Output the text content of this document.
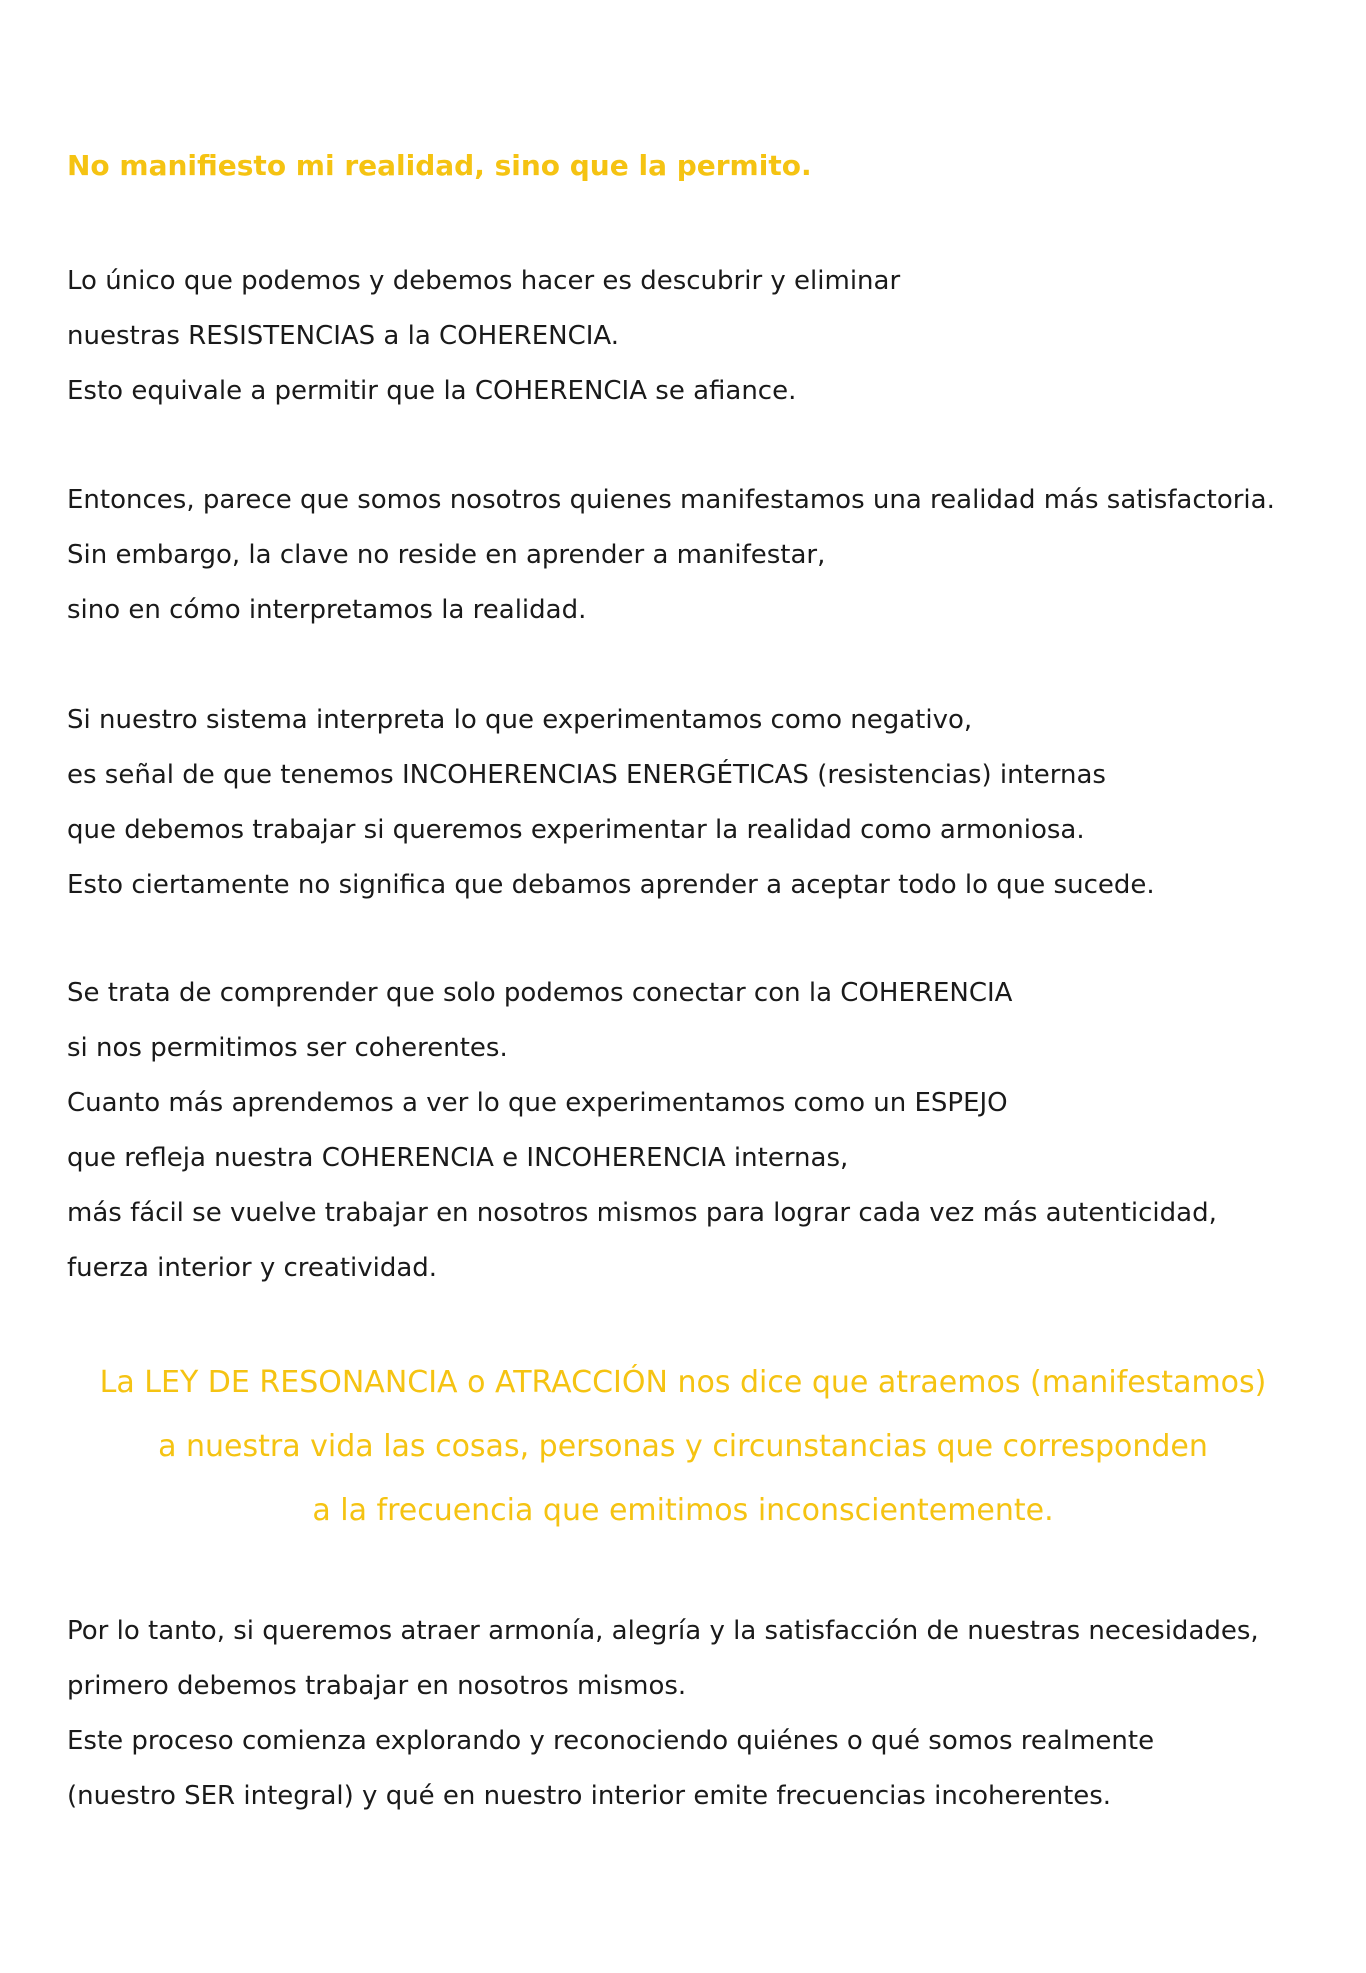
No manifiesto mi realidad, sino que la permito.

Lo único que podemos y debemos hacer es descubrir y eliminar
nuestras RESISTENCIAS a la COHERENCIA.
Esto equivale a permitir que la COHERENCIA se afiance.

Entonces, parece que somos nosotros quienes manifestamos una realidad más satisfactoria.
Sin embargo, la clave no reside en aprender a manifestar,
sino en cómo interpretamos la realidad.

Si nuestro sistema interpreta lo que experimentamos como negativo,
es señal de que tenemos INCOHERENCIAS ENERGÉTICAS (resistencias) internas
que debemos trabajar si queremos experimentar la realidad como armoniosa.
Esto ciertamente no significa que debamos aprender a aceptar todo lo que sucede.

Se trata de comprender que solo podemos conectar con la COHERENCIA
si nos permitimos ser coherentes.
Cuanto más aprendemos a ver lo que experimentamos como un ESPEJO
que refleja nuestra COHERENCIA e INCOHERENCIA internas,
más fácil se vuelve trabajar en nosotros mismos para lograr cada vez más autenticidad,
fuerza interior y creatividad.

La LEY DE RESONANCIA o ATRACCIÓN nos dice que atraemos (manifestamos)
a nuestra vida las cosas, personas y circunstancias que corresponden
a la frecuencia que emitimos inconscientemente.

Por lo tanto, si queremos atraer armonía, alegría y la satisfacción de nuestras necesidades,
primero debemos trabajar en nosotros mismos.
Este proceso comienza explorando y reconociendo quiénes o qué somos realmente
(nuestro SER integral) y qué en nuestro interior emite frecuencias incoherentes.
